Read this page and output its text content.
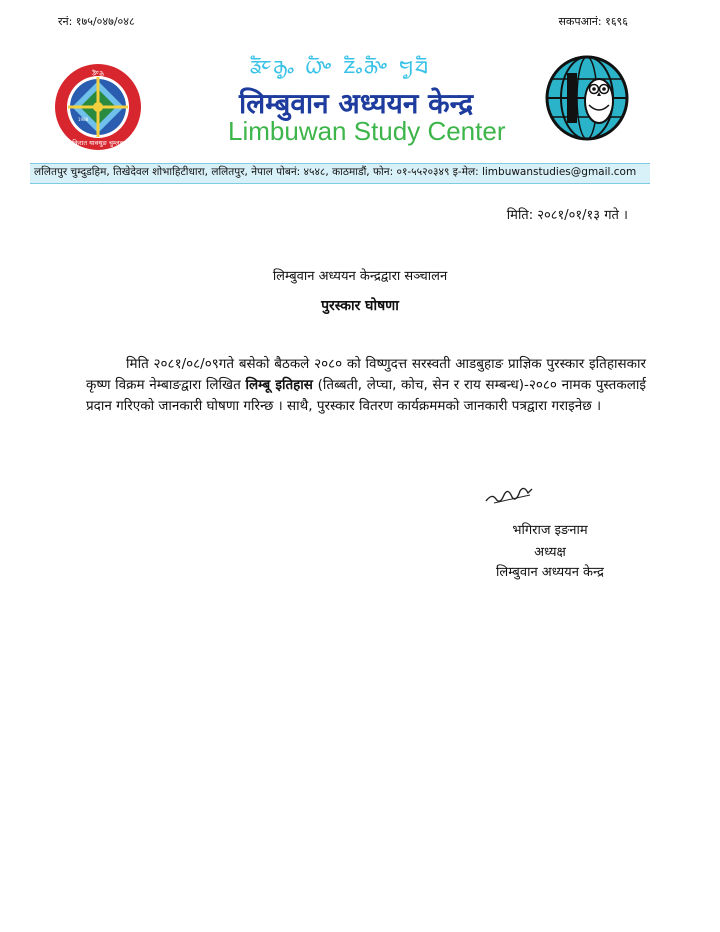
रनं: १७५/०४७/०४८	सकपआनं: १६९६
ᤕᤠᤰᤌᤢ
किरात याक्थुङ चुम्लुङ
1988
ᤕᤠᤰᤌᤢᤱ ᤐᤠᤴ ᤏᤠᤱᤌᤠᤴ ᤗᤢᤔᤠ
लिम्बुवान अध्ययन केन्द्र
Limbuwan Study Center
ललितपुर चुम्दुडहिम, तिखेदेवल शोभाहिटीधारा, ललितपुर, नेपाल पोबनं: ४५४८, काठमाडौं, फोन: ०१-५५२०३४९ इ-मेल: limbuwanstudies@gmail.com
मिति: २०८१/०१/१३ गते ।
लिम्बुवान अध्ययन केन्द्रद्वारा सञ्चालन
पुरस्कार घोषणा
मिति २०८१/०८/०९गते बसेको बैठकले २०८० को विष्णुदत्त सरस्वती आडबुहाङ प्राज्ञिक पुरस्कार इतिहासकार कृष्ण विक्रम नेम्बाङद्वारा लिखित लिम्बू इतिहास (तिब्बती, लेप्चा, कोच, सेन र राय सम्बन्ध)-२०८० नामक पुस्तकलाई प्रदान गरिएको जानकारी घोषणा गरिन्छ । साथै, पुरस्कार वितरण कार्यक्रममको जानकारी पत्रद्वारा गराइनेछ ।
भगिराज इङनाम
अध्यक्ष
लिम्बुवान अध्ययन केन्द्र
